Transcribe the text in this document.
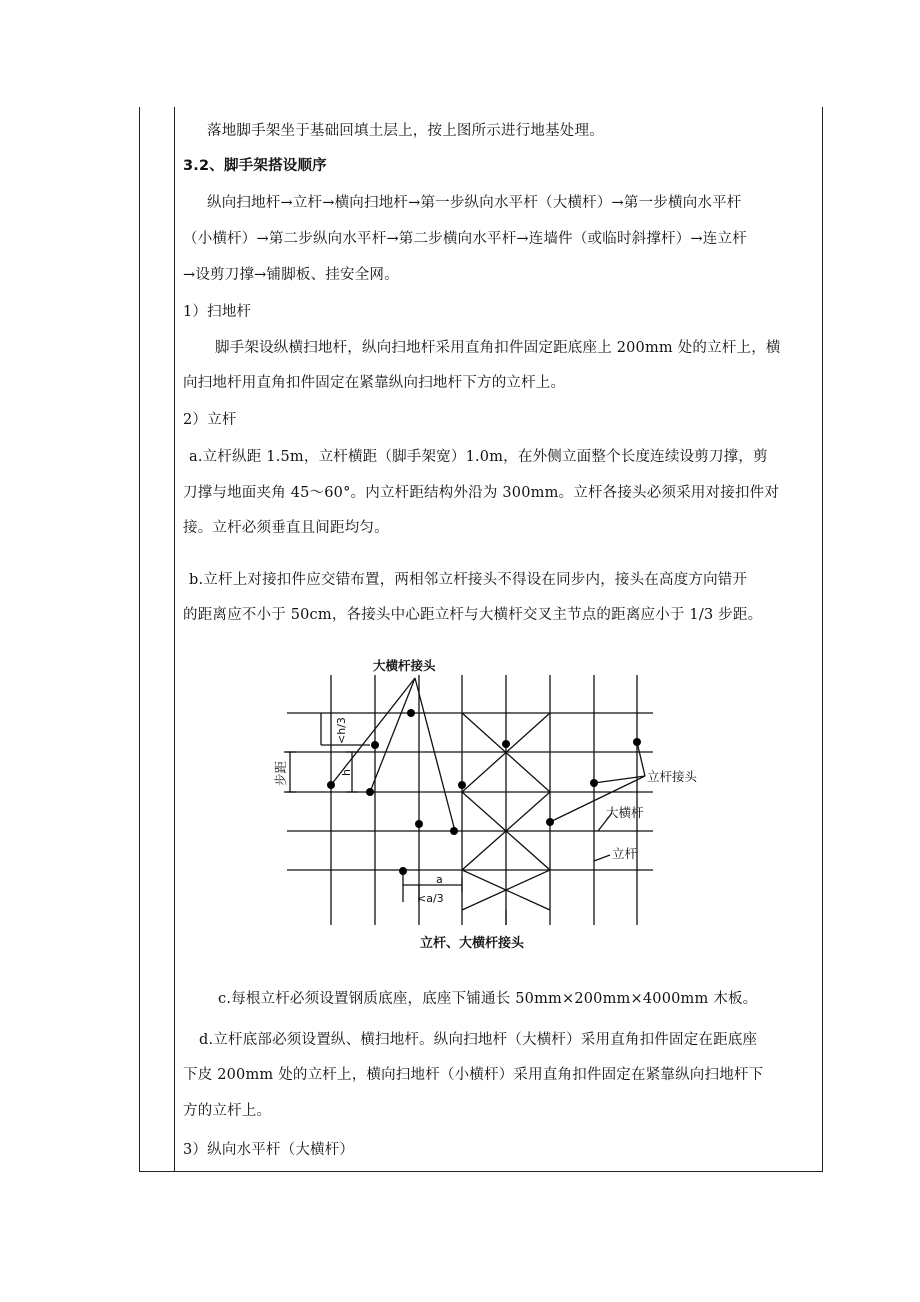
落地脚手架坐于基础回填土层上，按上图所示进行地基处理。
3.2、脚手架搭设顺序
纵向扫地杆→立杆→横向扫地杆→第一步纵向水平杆（大横杆）→第一步横向水平杆
（小横杆）→第二步纵向水平杆→第二步横向水平杆→连墙件（或临时斜撑杆）→连立杆
→设剪刀撑→铺脚板、挂安全网。
1）扫地杆
脚手架设纵横扫地杆，纵向扫地杆采用直角扣件固定距底座上 200mm 处的立杆上，横
向扫地杆用直角扣件固定在紧靠纵向扫地杆下方的立杆上。
2）立杆
a.立杆纵距 1.5m，立杆横距（脚手架宽）1.0m，在外侧立面整个长度连续设剪刀撑，剪
刀撑与地面夹角 45～60°。内立杆距结构外沿为 300mm。立杆各接头必须采用对接扣件对
接。立杆必须垂直且间距均匀。
b.立杆上对接扣件应交错布置，两相邻立杆接头不得设在同步内，接头在高度方向错开
的距离应不小于 50cm，各接头中心距立杆与大横杆交叉主节点的距离应小于 1/3 步距。
c.每根立杆必须设置钢质底座，底座下铺通长 50mm×200mm×4000mm 木板。
d.立杆底部必须设置纵、横扫地杆。纵向扫地杆（大横杆）采用直角扣件固定在距底座
下皮 200mm 处的立杆上，横向扫地杆（小横杆）采用直角扣件固定在紧靠纵向扫地杆下
方的立杆上。
3）纵向水平杆（大横杆）
大横杆接头
立杆接头
大横杆
立杆
步距
<h/3
h
a
<a/3
立杆、大横杆接头
